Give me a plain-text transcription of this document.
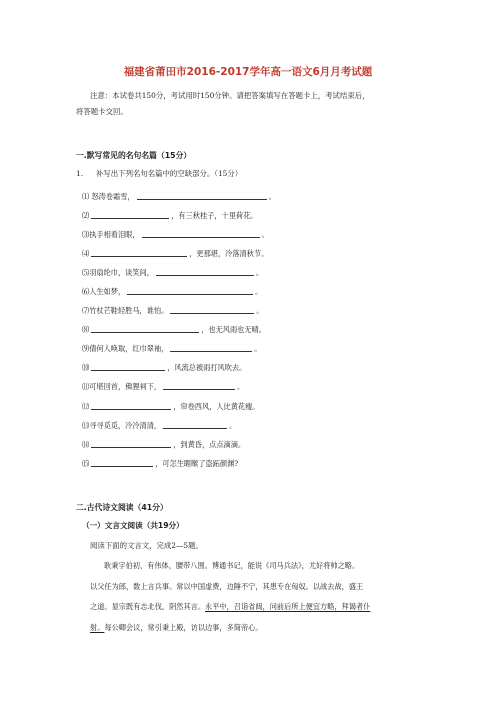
福建省莆田市2016-2017学年高一语文6月月考试题
注意：本试卷共150分，考试用时150分钟。请把答案填写在答题卡上，考试结束后，
将答题卡交回。
一.默写常见的名句名篇（15分）
1. 补写出下列名句名篇中的空缺部分。（15分）
⑴ 怒涛卷霜雪，	。
⑵	，有三秋桂子，十里荷花。
⑶执手相看泪眼，	。
⑷	，更那堪，冷落清秋节。
⑸羽扇纶巾，谈笑间，	。
⑹人生如梦，	。
⑺竹杖芒鞋轻胜马，谁怕。	。
⑻	，也无风雨也无晴。
⑼倩何人唤取，红巾翠袖，	。
⑽	，风流总被雨打风吹去。
⑾可堪回首，佛狸祠下，	。
⑿	，帘卷西风，人比黄花瘦。
⒀寻寻觅觅，冷冷清清，	。
⒁	，到黄昏，点点滴滴。
⒂	，可怎生睚睺了盗跖颜渊?
二.古代诗文阅读（41分）
（一）文言文阅读（共19分）
阅读下面的文言文，完成2—5题。
耿秉字伯初，有伟体，腰带八围。博通书记，能说《司马兵法》，尤好将帅之略。
以父任为郎，数上言兵事。常以中国虚费，边陲不宁，其患专在匈奴。以战去战，盛王
之道。显宗既有志北伐，阴然其言。永平中，召诣省闼，问前后所上便宜方略，拜谒者仆
射。每公卿会议，常引秉上殿，访以边事，多简帝心。
